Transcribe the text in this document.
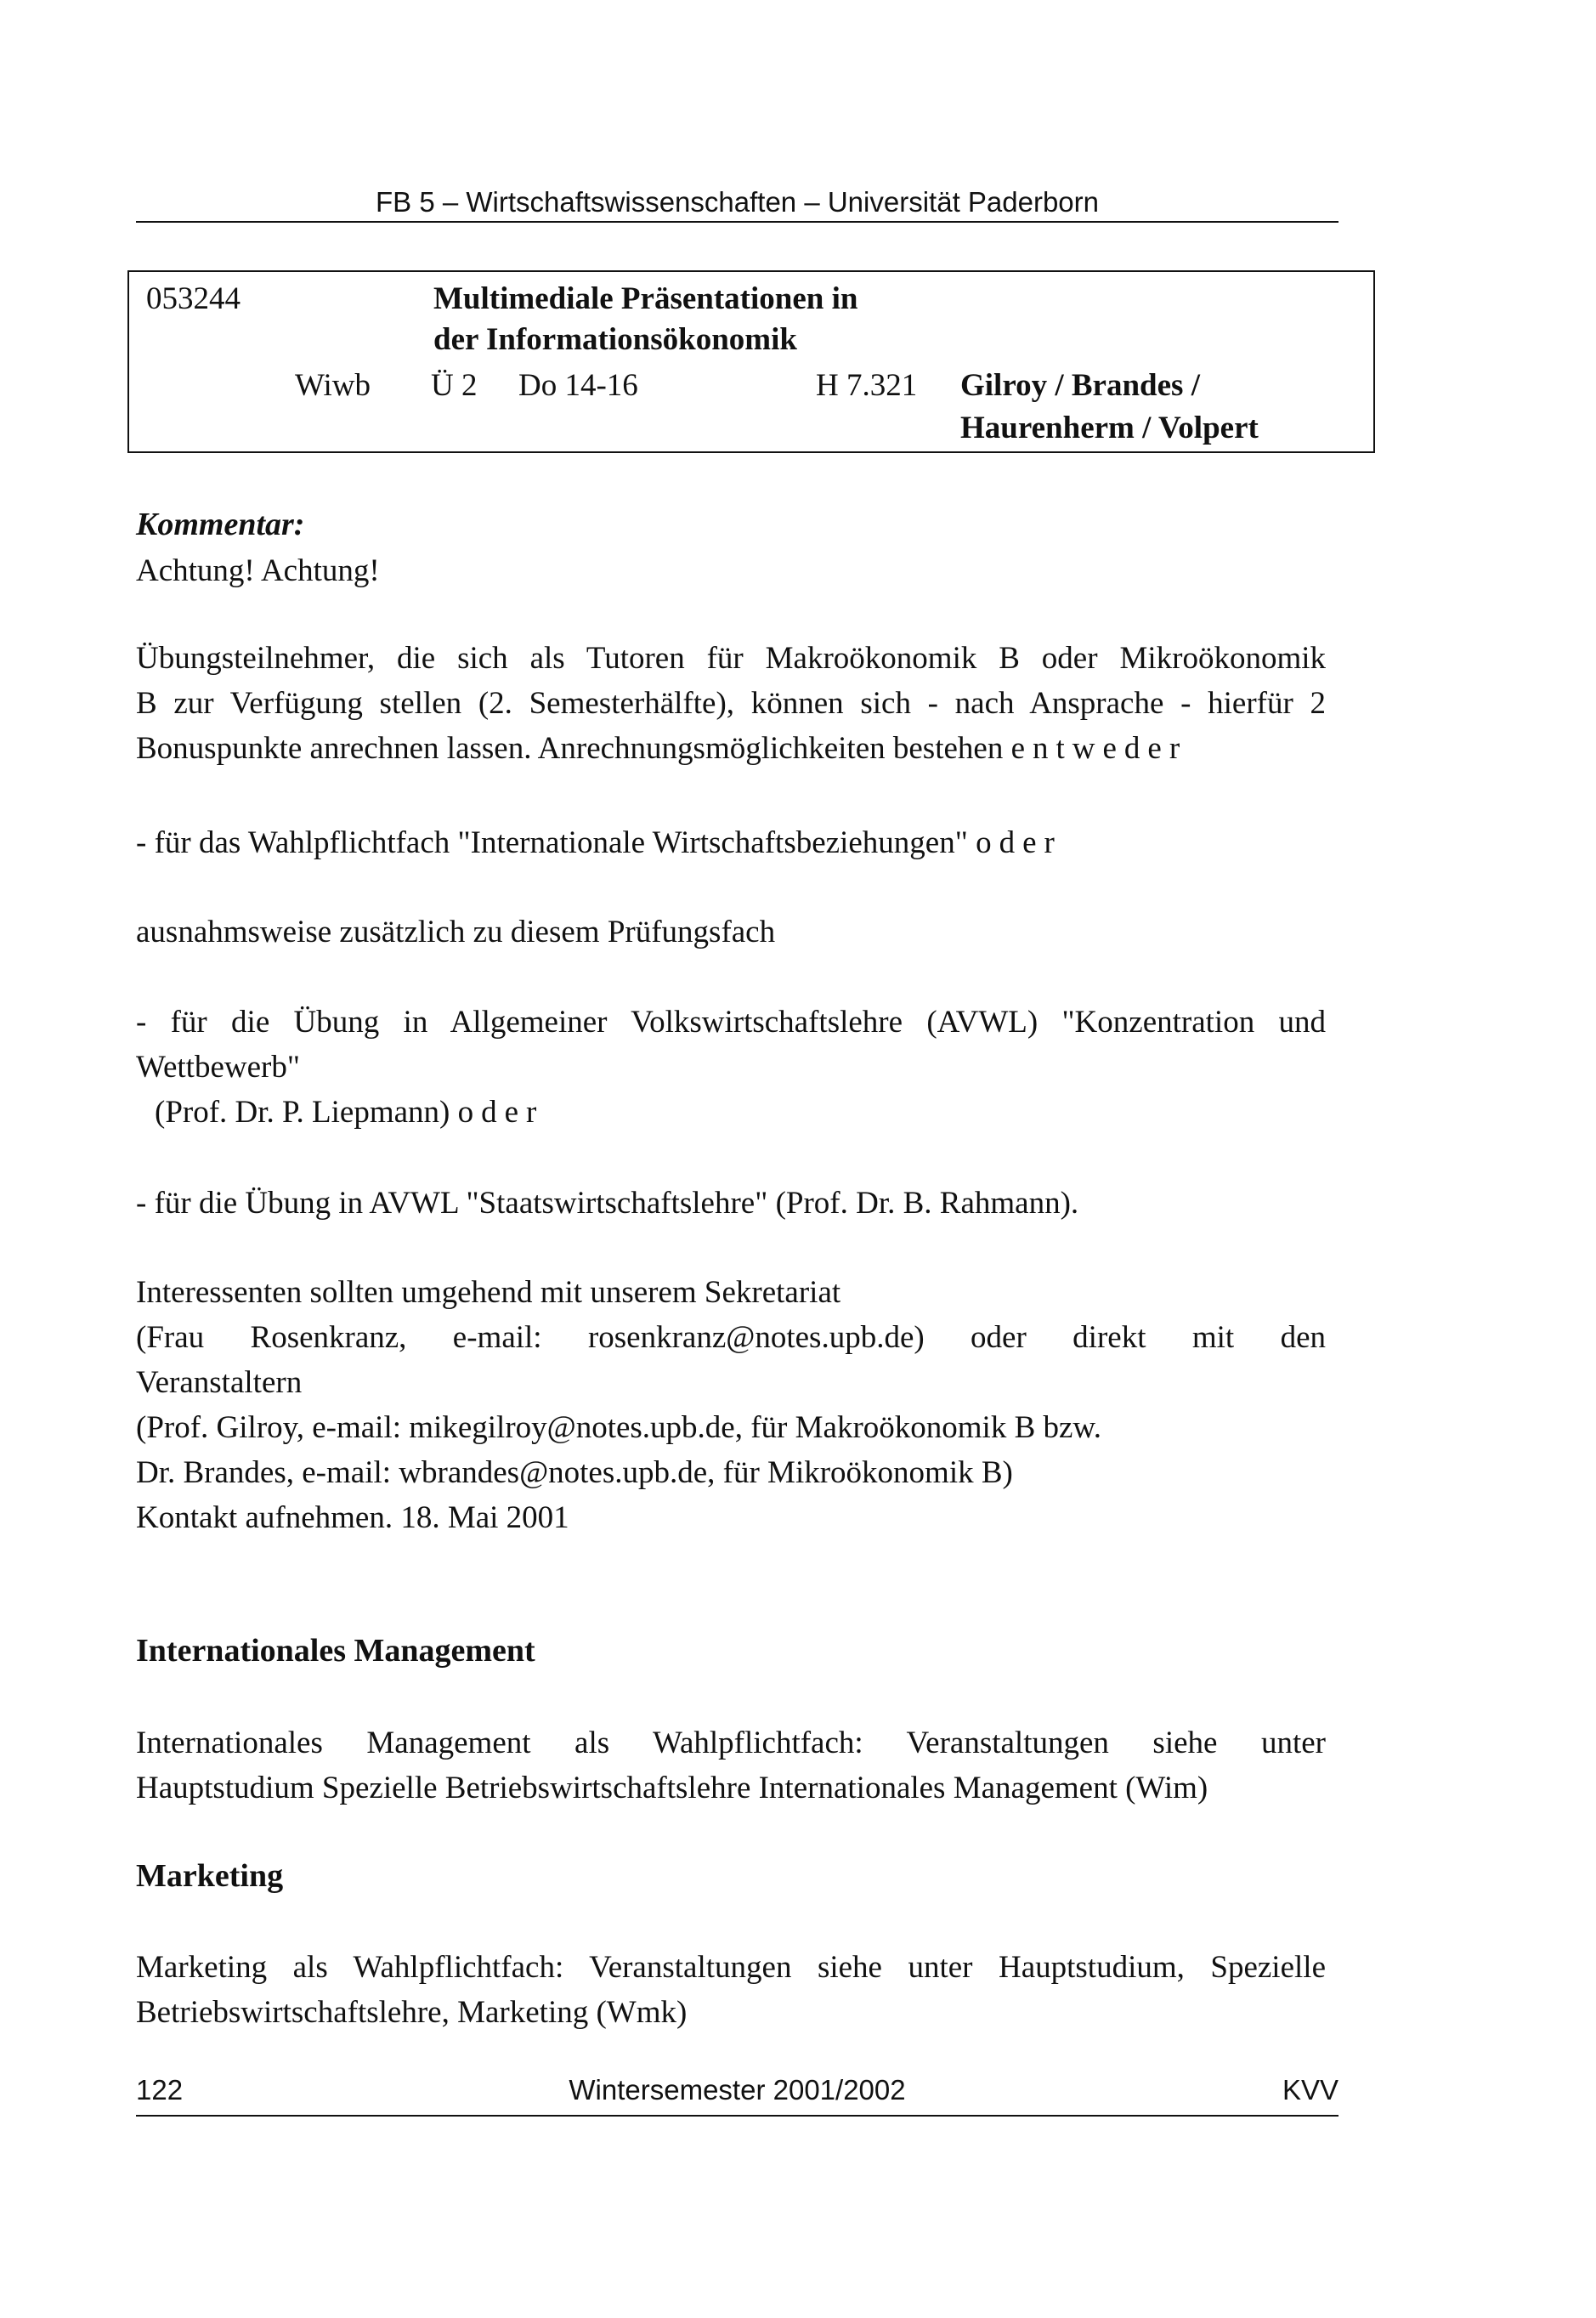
FB 5 – Wirtschaftswissenschaften – Universität Paderborn
053244	Multimediale Präsentationen in
der Informationsökonomik
Wiwb Ü 2 Do 14-16	H 7.321 Gilroy / Brandes /
Haurenherm / Volpert
Kommentar:
Achtung! Achtung!
Übungsteilnehmer, die sich als Tutoren für Makroökonomik B oder Mikroökonomik
B zur Verfügung stellen (2. Semesterhälfte), können sich - nach Ansprache - hierfür 2
Bonuspunkte anrechnen lassen. Anrechnungsmöglichkeiten bestehen entweder
- für das Wahlpflichtfach "Internationale Wirtschaftsbeziehungen" oder
ausnahmsweise zusätzlich zu diesem Prüfungsfach
- für die Übung in Allgemeiner Volkswirtschaftslehre (AVWL) "Konzentration und
Wettbewerb"
(Prof. Dr. P. Liepmann) oder
- für die Übung in AVWL "Staatswirtschaftslehre" (Prof. Dr. B. Rahmann).
Interessenten sollten umgehend mit unserem Sekretariat
(Frau Rosenkranz, e-mail: rosenkranz@notes.upb.de) oder direkt mit den
Veranstaltern
(Prof. Gilroy, e-mail: mikegilroy@notes.upb.de, für Makroökonomik B bzw.
Dr. Brandes, e-mail: wbrandes@notes.upb.de, für Mikroökonomik B)
Kontakt aufnehmen. 18. Mai 2001
Internationales Management
Internationales Management als Wahlpflichtfach: Veranstaltungen siehe unter
Hauptstudium Spezielle Betriebswirtschaftslehre Internationales Management (Wim)
Marketing
Marketing als Wahlpflichtfach: Veranstaltungen siehe unter Hauptstudium, Spezielle
Betriebswirtschaftslehre, Marketing (Wmk)
122	Wintersemester 2001/2002	KVV
